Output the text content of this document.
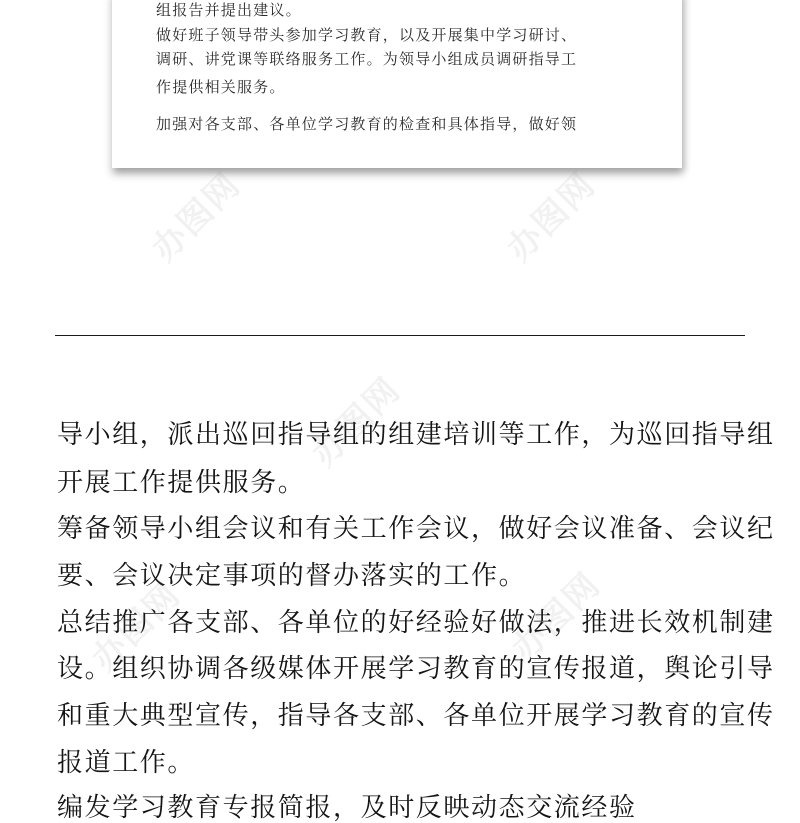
组报告并提出建议。

做好班子领导带头参加学习教育，以及开展集中学习研讨、

调研、讲党课等联络服务工作。为领导小组成员调研指导工

作提供相关服务。

加强对各支部、各单位学习教育的检查和具体指导，做好领

导小组，派出巡回指导组的组建培训等工作，为巡回指导组
开展工作提供服务。
筹备领导小组会议和有关工作会议，做好会议准备、会议纪
要、会议决定事项的督办落实的工作。
总结推广各支部、各单位的好经验好做法，推进长效机制建
设。组织协调各级媒体开展学习教育的宣传报道，舆论引导
和重大典型宣传，指导各支部、各单位开展学习教育的宣传
报道工作。
编发学习教育专报简报，及时反映动态交流经验
办图网	办图网
办图网
办图网
办图网
